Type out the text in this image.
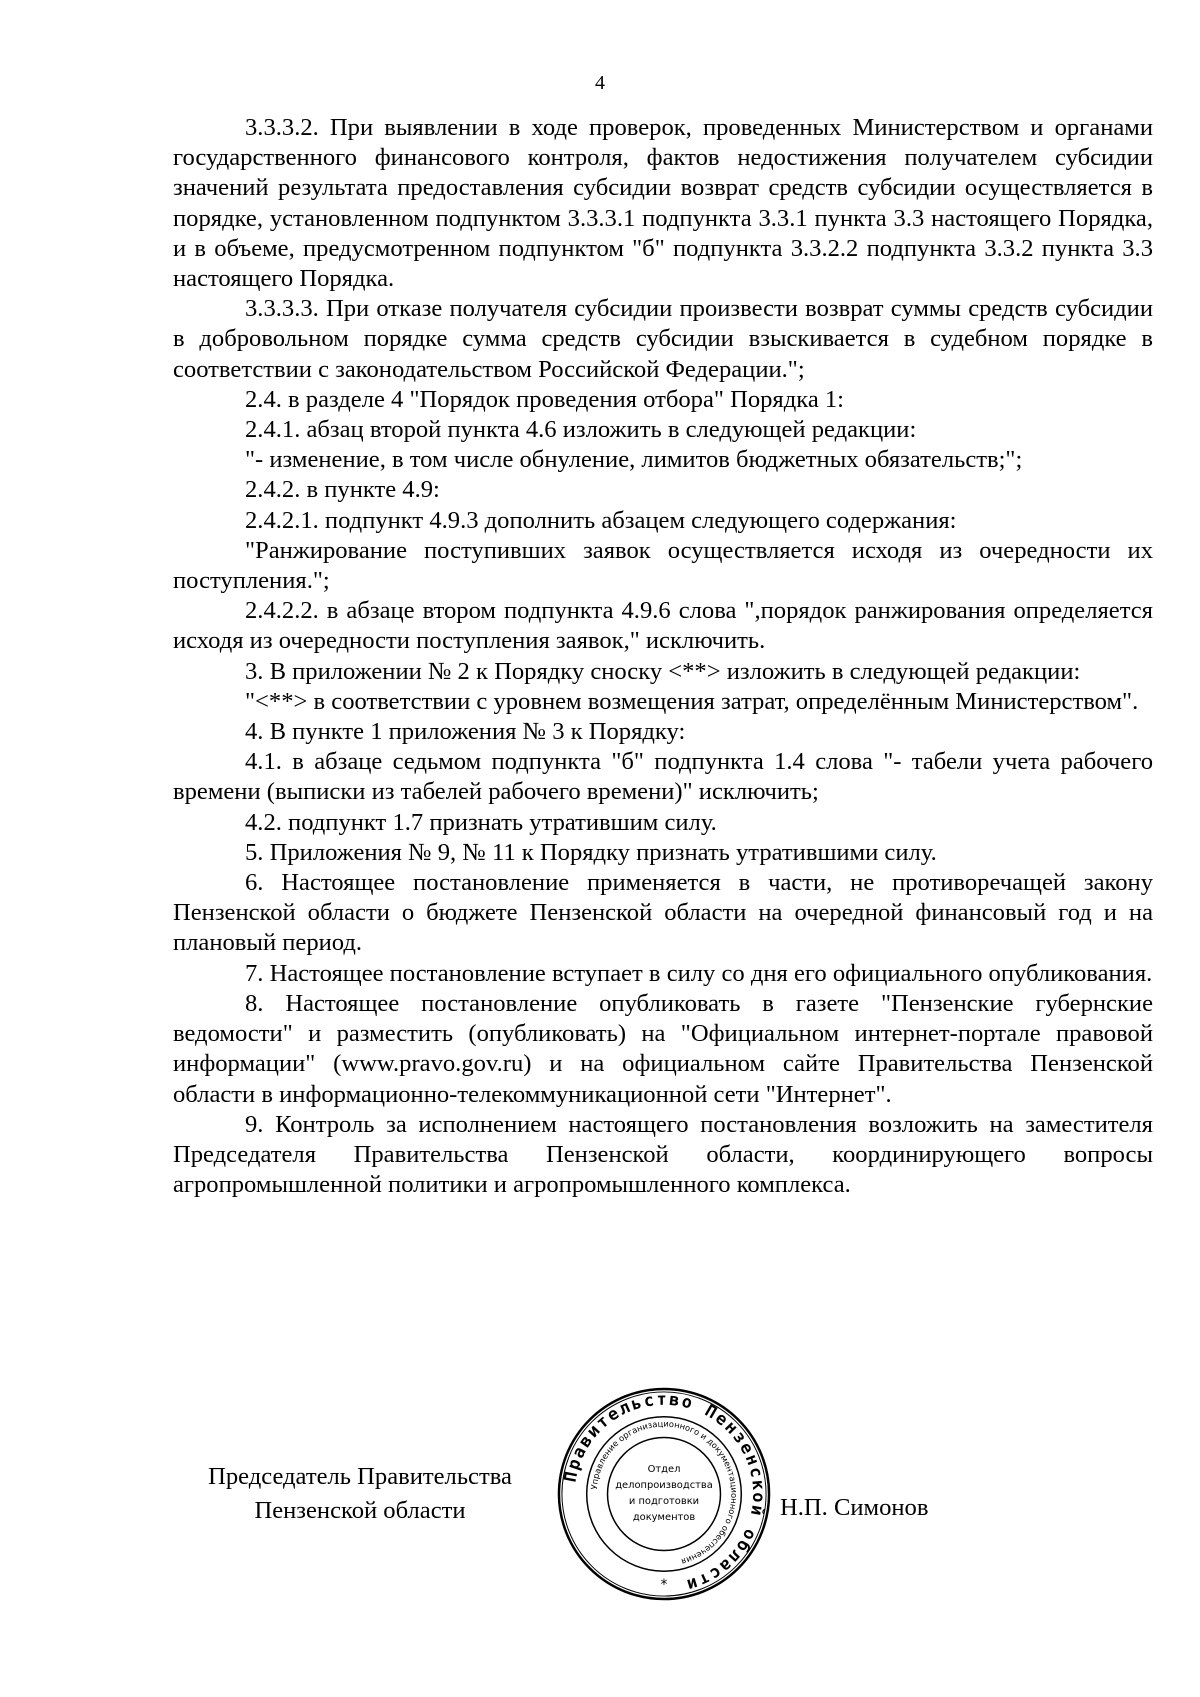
4

3.3.3.2. При выявлении в ходе проверок, проведенных Министерством и органами государственного финансового контроля, фактов недостижения получателем субсидии значений результата предоставления субсидии возврат средств субсидии осуществляется в порядке, установленном подпунктом 3.3.3.1 подпункта 3.3.1 пункта 3.3 настоящего Порядка, и в объеме, предусмотренном подпунктом "б" подпункта 3.3.2.2 подпункта 3.3.2 пункта 3.3 настоящего Порядка.

3.3.3.3. При отказе получателя субсидии произвести возврат суммы средств субсидии в добровольном порядке сумма средств субсидии взыскивается в судебном порядке в соответствии с законодательством Российской Федерации.";

2.4. в разделе 4 "Порядок проведения отбора" Порядка 1:

2.4.1. абзац второй пункта 4.6 изложить в следующей редакции:

"- изменение, в том числе обнуление, лимитов бюджетных обязательств;";

2.4.2. в пункте 4.9:

2.4.2.1. подпункт 4.9.3 дополнить абзацем следующего содержания:

"Ранжирование поступивших заявок осуществляется исходя из очередности их поступления.";

2.4.2.2. в абзаце втором подпункта 4.9.6 слова ",порядок ранжирования определяется исходя из очередности поступления заявок," исключить.

3. В приложении № 2 к Порядку сноску <**> изложить в следующей редакции:

"<**> в соответствии с уровнем возмещения затрат, определённым Министерством".

4. В пункте 1 приложения № 3 к Порядку:

4.1. в абзаце седьмом подпункта "б" подпункта 1.4 слова "- табели учета рабочего времени (выписки из табелей рабочего времени)" исключить;

4.2. подпункт 1.7 признать утратившим силу.

5. Приложения № 9, № 11 к Порядку признать утратившими силу.

6. Настоящее постановление применяется в части, не противоречащей закону Пензенской области о бюджете Пензенской области на очередной финансовый год и на плановый период.

7. Настоящее постановление вступает в силу со дня его официального опубликования.

8. Настоящее постановление опубликовать в газете "Пензенские губернские ведомости" и разместить (опубликовать) на "Официальном интернет-портале правовой информации" (www.pravo.gov.ru) и на официальном сайте Правительства Пензенской области в информационно-телекоммуникационной сети "Интернет".

9. Контроль за исполнением настоящего постановления возложить на заместителя Председателя Правительства Пензенской области, координирующего вопросы агропромышленной политики и агропромышленного комплекса.

Председатель Правительства
Пензенской области	Н.П. Симонов
Правительство Пензенской области
Управление организационного и документационного обеспечения
Отдел
делопроизводства
и подготовки
документов
*
